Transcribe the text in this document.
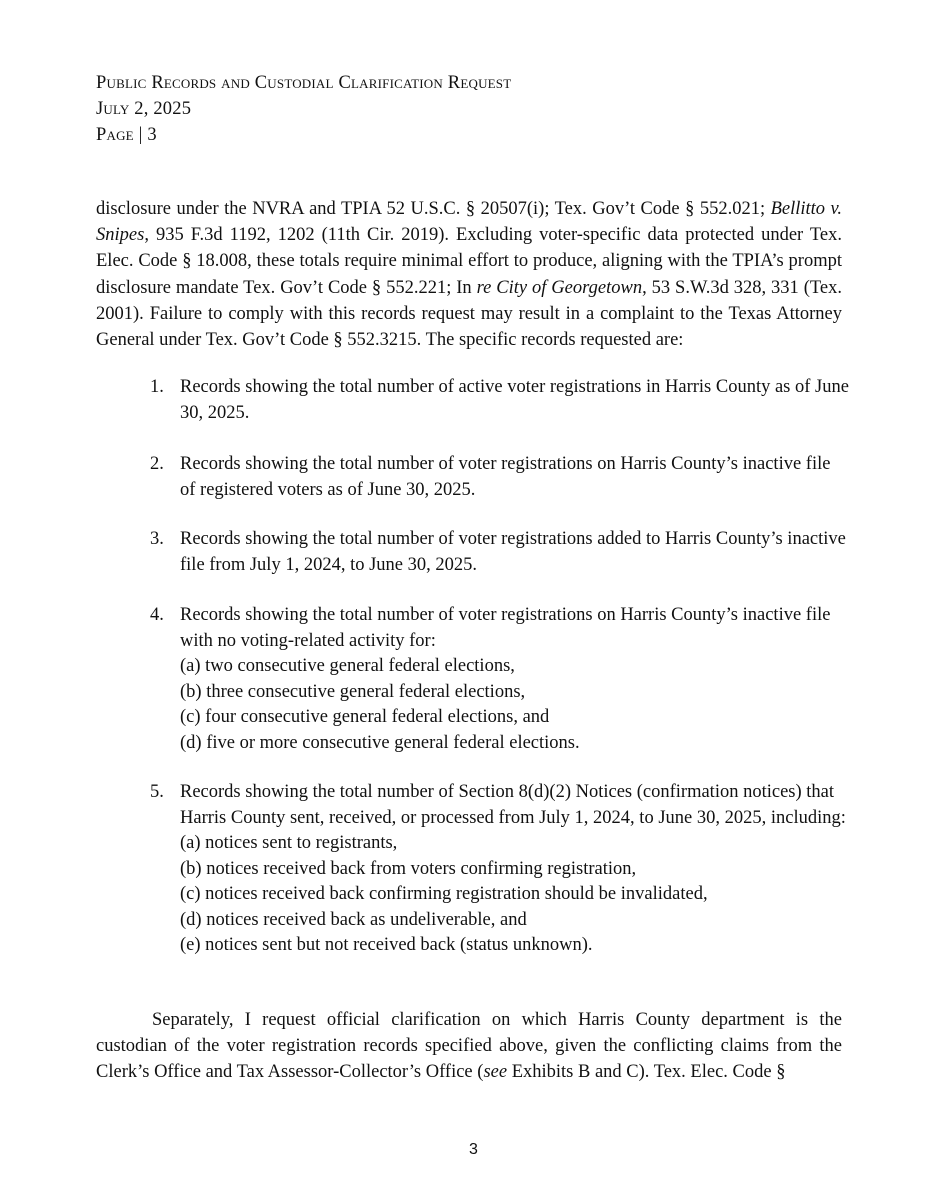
Public Records and Custodial Clarification Request
July 2, 2025
Page | 3
disclosure under the NVRA and TPIA 52 U.S.C. § 20507(i); Tex. Gov’t Code § 552.021; Bellitto v. Snipes, 935 F.3d 1192, 1202 (11th Cir. 2019). Excluding voter-specific data protected under Tex. Elec. Code § 18.008, these totals require minimal effort to produce, aligning with the TPIA’s prompt disclosure mandate Tex. Gov’t Code § 552.221; In re City of Georgetown, 53 S.W.3d 328, 331 (Tex. 2001). Failure to comply with this records request may result in a complaint to the Texas Attorney General under Tex. Gov’t Code § 552.3215. The specific records requested are:
1. Records showing the total number of active voter registrations in Harris County as of June 30, 2025.
2. Records showing the total number of voter registrations on Harris County’s inactive file of registered voters as of June 30, 2025.
3. Records showing the total number of voter registrations added to Harris County’s inactive file from July 1, 2024, to June 30, 2025.
4. Records showing the total number of voter registrations on Harris County’s inactive file with no voting-related activity for:
(a) two consecutive general federal elections,
(b) three consecutive general federal elections,
(c) four consecutive general federal elections, and
(d) five or more consecutive general federal elections.
5. Records showing the total number of Section 8(d)(2) Notices (confirmation notices) that Harris County sent, received, or processed from July 1, 2024, to June 30, 2025, including:
(a) notices sent to registrants,
(b) notices received back from voters confirming registration,
(c) notices received back confirming registration should be invalidated,
(d) notices received back as undeliverable, and
(e) notices sent but not received back (status unknown).
Separately, I request official clarification on which Harris County department is the custodian of the voter registration records specified above, given the conflicting claims from the Clerk’s Office and Tax Assessor-Collector’s Office (see Exhibits B and C). Tex. Elec. Code §
3
